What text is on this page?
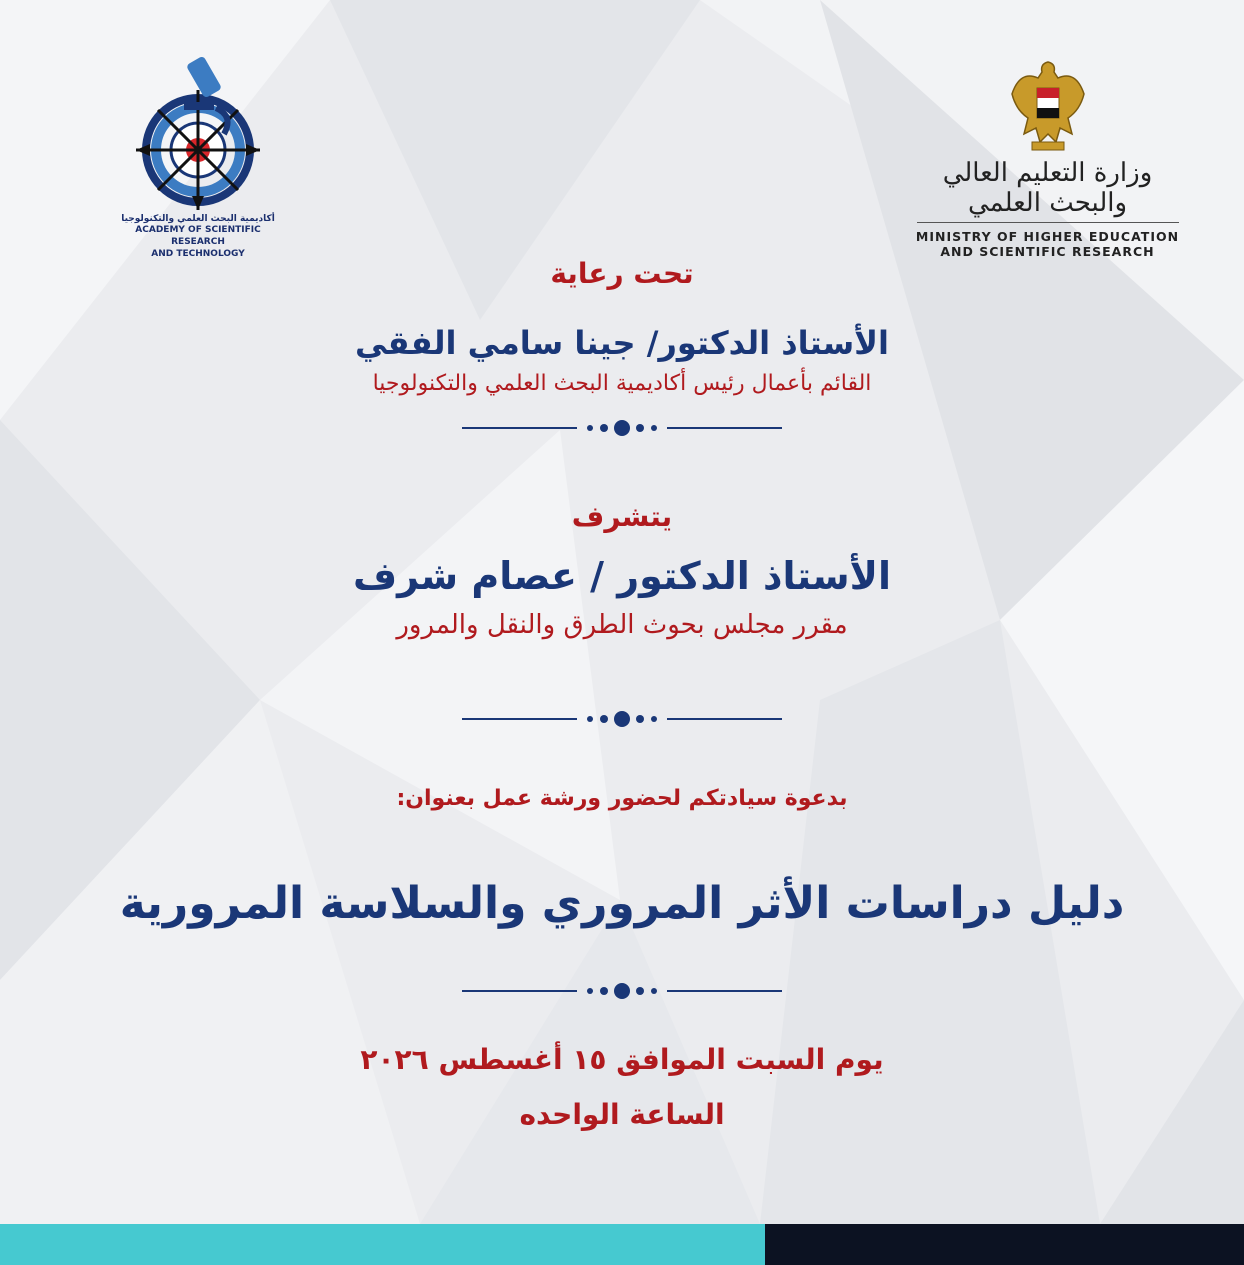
أكاديمية البحث العلمي والتكنولوجيا
ACADEMY OF SCIENTIFIC RESEARCH
AND TECHNOLOGY
وزارة التعليم العالي والبحث العلمي
MINISTRY OF HIGHER EDUCATION
AND SCIENTIFIC RESEARCH
تحت رعاية
الأستاذ الدكتور/ جينا سامي الفقي
القائم بأعمال رئيس أكاديمية البحث العلمي والتكنولوجيا
يتشرف
الأستاذ الدكتور / عصام شرف
مقرر مجلس بحوث الطرق والنقل والمرور
بدعوة سيادتكم لحضور ورشة عمل بعنوان:
دليل دراسات الأثر المروري والسلاسة المرورية
يوم السبت الموافق ١٥ أغسطس ٢٠٢٦
الساعة الواحده
